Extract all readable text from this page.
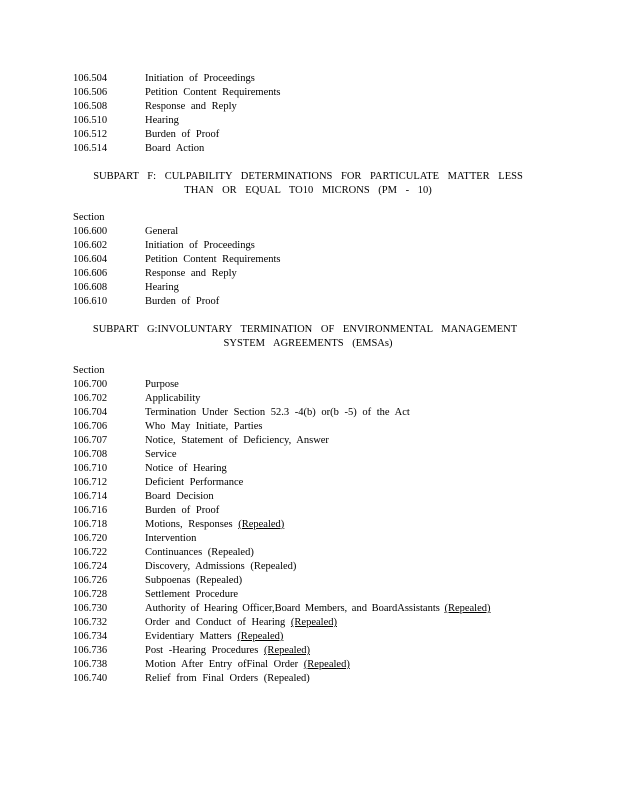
106.504	Initiation of Proceedings
106.506	Petition Content Requirements
106.508	Response and Reply
106.510	Hearing
106.512	Burden of Proof
106.514	Board Action
SUBPART F: CULPABILITY DETERMINATIONS FOR PARTICULATE MATTER LESS
THAN OR EQUAL TO10 MICRONS (PM - 10)
Section
106.600	General
106.602	Initiation of Proceedings
106.604	Petition Content Requirements
106.606	Response and Reply
106.608	Hearing
106.610	Burden of Proof
SUBPART G:INVOLUNTARY TERMINATION OF ENVIRONMENTAL MANAGEMENT
SYSTEM AGREEMENTS (EMSAs)
Section
106.700	Purpose
106.702	Applicability
106.704	Termination Under Section 52.3 -4(b) or(b -5) of the Act
106.706	Who May Initiate, Parties
106.707	Notice, Statement of Deficiency, Answer
106.708	Service
106.710	Notice of Hearing
106.712	Deficient Performance
106.714	Board Decision
106.716	Burden of Proof
106.718	Motions, Responses (Repealed)
106.720	Intervention
106.722	Continuances (Repealed)
106.724	Discovery, Admissions (Repealed)
106.726	Subpoenas (Repealed)
106.728	Settlement Procedure
106.730	Authority of Hearing Officer,Board Members, and BoardAssistants (Repealed)
106.732	Order and Conduct of Hearing (Repealed)
106.734	Evidentiary Matters (Repealed)
106.736	Post -Hearing Procedures (Repealed)
106.738	Motion After Entry ofFinal Order (Repealed)
106.740	Relief from Final Orders (Repealed)
